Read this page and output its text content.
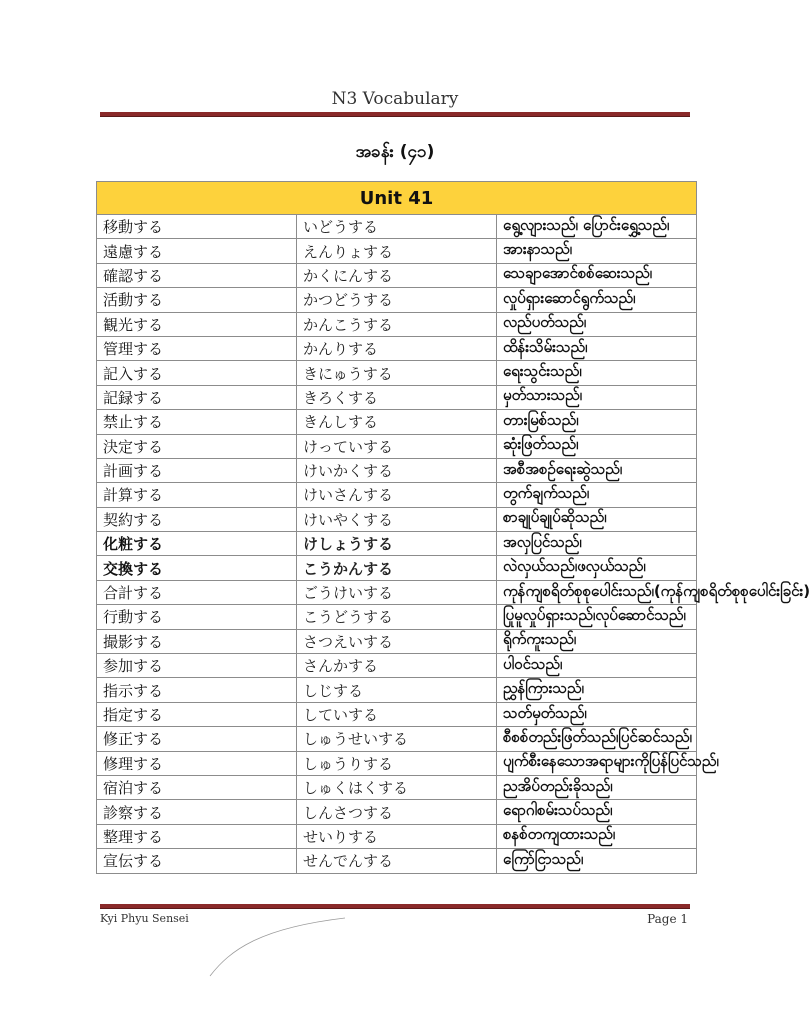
N3 Vocabulary
အခန်း (၄၁)
Unit 41		
移動する	いどうする	ရွေ့လျားသည်၊ ပြောင်းရွှေ့သည်၊
遠慮する	えんりょする	အားနာသည်၊
確認する	かくにんする	သေချာအောင်စစ်ဆေးသည်၊
活動する	かつどうする	လှုပ်ရှားဆောင်ရွက်သည်၊
観光する	かんこうする	လည်ပတ်သည်၊
管理する	かんりする	ထိန်းသိမ်းသည်၊
記入する	きにゅうする	ရေးသွင်းသည်၊
記録する	きろくする	မှတ်သားသည်၊
禁止する	きんしする	တားမြစ်သည်၊
決定する	けっていする	ဆုံးဖြတ်သည်၊
計画する	けいかくする	အစီအစဉ်ရေးဆွဲသည်၊
計算する	けいさんする	တွက်ချက်သည်၊
契約する	けいやくする	စာချုပ်ချုပ်ဆိုသည်၊
化粧する	けしょうする	အလှပြင်သည်၊
交換する	こうかんする	လဲလှယ်သည်၊ဖလှယ်သည်၊
合計する	ごうけいする	ကုန်ကျစရိတ်စုစုပေါင်းသည်၊(ကုန်ကျစရိတ်စုစုပေါင်းခြင်း)
行動する	こうどうする	ပြုမူလှုပ်ရှားသည်၊လုပ်ဆောင်သည်၊
撮影する	さつえいする	ရိုက်ကူးသည်၊
参加する	さんかする	ပါဝင်သည်၊
指示する	しじする	ညွှန်ကြားသည်၊
指定する	していする	သတ်မှတ်သည်၊
修正する	しゅうせいする	စီစစ်တည်းဖြတ်သည်၊ပြင်ဆင်သည်၊
修理する	しゅうりする	ပျက်စီးနေသောအရာများကိုပြန်ပြင်သည်၊
宿泊する	しゅくはくする	ညအိပ်တည်းခိုသည်၊
診察する	しんさつする	ရောဂါစမ်းသပ်သည်၊
整理する	せいりする	စနစ်တကျထားသည်၊
宣伝する	せんでんする	ကြော်ငြာသည်၊
Kyi Phyu Sensei	Page 1
